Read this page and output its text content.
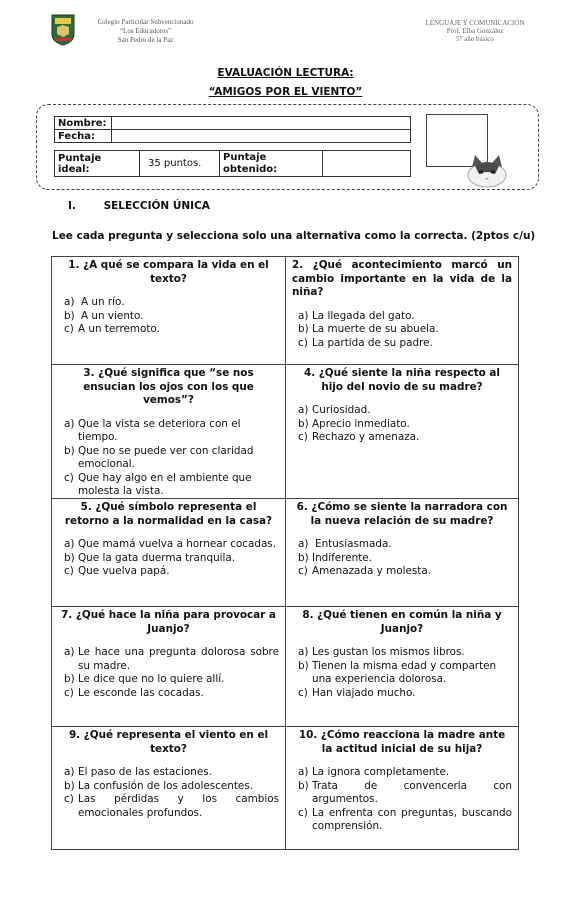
Colegio Particular Subvencionado
“Los Educadores”
San Pedro de la Paz
LENGUAJE Y COMUNICACIÓN
Prof. Elba González
5° año básico
EVALUACIÓN LECTURA:
“AMIGOS POR EL VIENTO”
Nombre:	
Fecha:	
Puntaje ideal:	35 puntos.	Puntaje obtenido:	
I.	SELECCIÓN ÚNICA
Lee cada pregunta y selecciona solo una alternativa como la correcta. (2ptos c/u)
1. ¿A qué se compara la vida en el texto?
a) A un río.
b) A un viento.
c) A un terremoto.
2. ¿Qué acontecimiento marcó un cambio importante en la vida de la niña?
a) La llegada del gato.
b) La muerte de su abuela.
c) La partida de su padre.
3. ¿Qué significa que “se nos ensucian los ojos con los que vemos”?
a) Que la vista se deteriora con el tiempo.
b) Que no se puede ver con claridad emocional.
c) Que hay algo en el ambiente que molesta la vista.
4. ¿Qué siente la niña respecto al hijo del novio de su madre?
a) Curiosidad.
b) Aprecio inmediato.
c) Rechazo y amenaza.
5. ¿Qué símbolo representa el retorno a la normalidad en la casa?
a) Que mamá vuelva a hornear cocadas.
b) Que la gata duerma tranquila.
c) Que vuelva papá.
6. ¿Cómo se siente la narradora con la nueva relación de su madre?
a) Entusiasmada.
b) Indiferente.
c) Amenazada y molesta.
7. ¿Qué hace la niña para provocar a Juanjo?
a) Le hace una pregunta dolorosa sobre su madre.
b) Le dice que no lo quiere allí.
c) Le esconde las cocadas.
8. ¿Qué tienen en común la niña y Juanjo?
a) Les gustan los mismos libros.
b) Tienen la misma edad y comparten una experiencia dolorosa.
c) Han viajado mucho.
9. ¿Qué representa el viento en el texto?
a) El paso de las estaciones.
b) La confusión de los adolescentes.
c) Las pérdidas y los cambios emocionales profundos.
10. ¿Cómo reacciona la madre ante la actitud inicial de su hija?
a) La ignora completamente.
b) Trata de convencerla con argumentos.
c) La enfrenta con preguntas, buscando comprensión.
